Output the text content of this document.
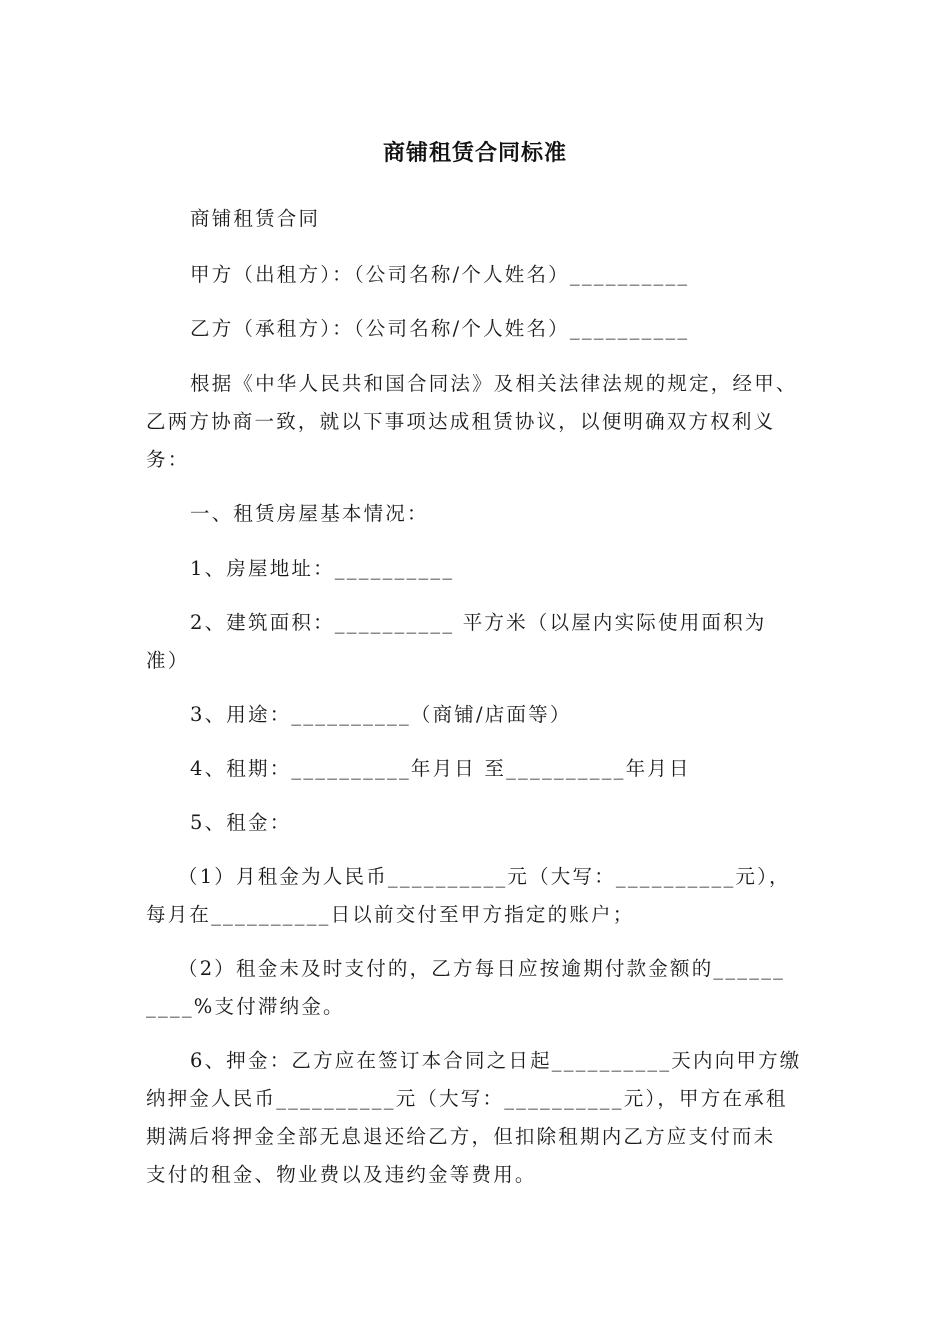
商铺租赁合同标准
商铺租赁合同
甲方（出租方）：（公司名称/个人姓名）__________
乙方（承租方）：（公司名称/个人姓名）__________
根据《中华人民共和国合同法》及相关法律法规的规定，经甲、
乙两方协商一致，就以下事项达成租赁协议，以便明确双方权利义
务：
一、租赁房屋基本情况：
1、房屋地址：__________
2、建筑面积：__________ 平方米（以屋内实际使用面积为
准）
3、用途：__________（商铺/店面等）
4、租期：__________年月日 至__________年月日
5、租金：
（1）月租金为人民币__________元（大写：__________元），
每月在__________日以前交付至甲方指定的账户；
（2）租金未及时支付的，乙方每日应按逾期付款金额的______
____%支付滞纳金。
6、押金：乙方应在签订本合同之日起__________天内向甲方缴
纳押金人民币__________元（大写：__________元），甲方在承租
期满后将押金全部无息退还给乙方，但扣除租期内乙方应支付而未
支付的租金、物业费以及违约金等费用。
